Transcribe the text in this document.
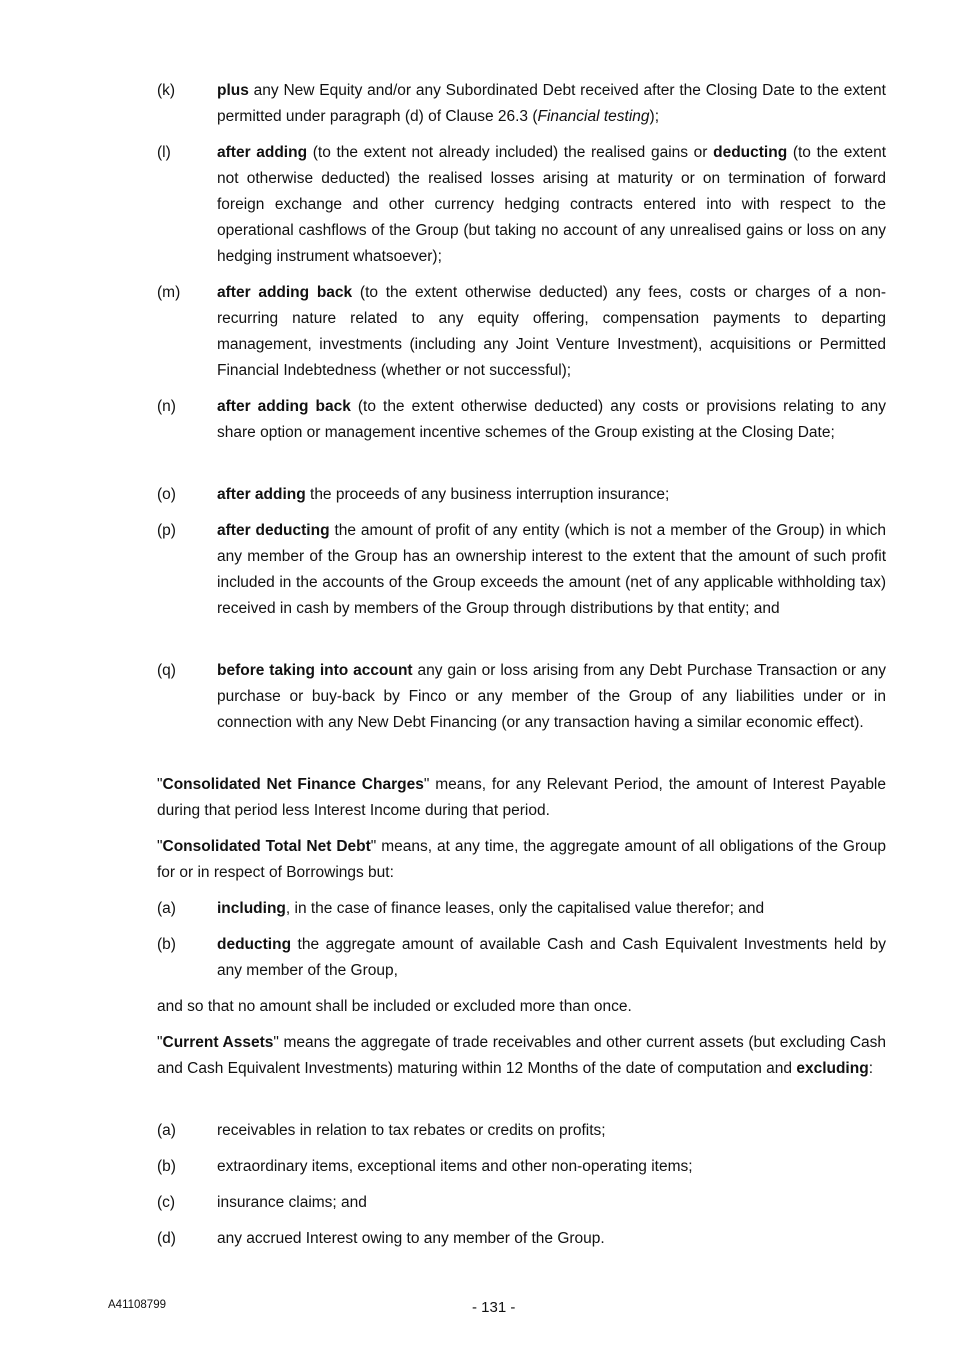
(k)	plus any New Equity and/or any Subordinated Debt received after the Closing Date to the extent permitted under paragraph (d) of Clause 26.3 (Financial testing);
(l)	after adding (to the extent not already included) the realised gains or deducting (to the extent not otherwise deducted) the realised losses arising at maturity or on termination of forward foreign exchange and other currency hedging contracts entered into with respect to the operational cashflows of the Group (but taking no account of any unrealised gains or loss on any hedging instrument whatsoever);
(m)	after adding back (to the extent otherwise deducted) any fees, costs or charges of a non-recurring nature related to any equity offering, compensation payments to departing management, investments (including any Joint Venture Investment), acquisitions or Permitted Financial Indebtedness (whether or not successful);
(n)	after adding back (to the extent otherwise deducted) any costs or provisions relating to any share option or management incentive schemes of the Group existing at the Closing Date;
(o)	after adding the proceeds of any business interruption insurance;
(p)	after deducting the amount of profit of any entity (which is not a member of the Group) in which any member of the Group has an ownership interest to the extent that the amount of such profit included in the accounts of the Group exceeds the amount (net of any applicable withholding tax) received in cash by members of the Group through distributions by that entity; and
(q)	before taking into account any gain or loss arising from any Debt Purchase Transaction or any purchase or buy-back by Finco or any member of the Group of any liabilities under or in connection with any New Debt Financing (or any transaction having a similar economic effect).
"Consolidated Net Finance Charges" means, for any Relevant Period, the amount of Interest Payable during that period less Interest Income during that period.
"Consolidated Total Net Debt" means, at any time, the aggregate amount of all obligations of the Group for or in respect of Borrowings but:
(a)	including, in the case of finance leases, only the capitalised value therefor; and
(b)	deducting the aggregate amount of available Cash and Cash Equivalent Investments held by any member of the Group,
and so that no amount shall be included or excluded more than once.
"Current Assets" means the aggregate of trade receivables and other current assets (but excluding Cash and Cash Equivalent Investments) maturing within 12 Months of the date of computation and excluding:
(a)	receivables in relation to tax rebates or credits on profits;
(b)	extraordinary items, exceptional items and other non-operating items;
(c)	insurance claims; and
(d)	any accrued Interest owing to any member of the Group.
A41108799	- 131 -
